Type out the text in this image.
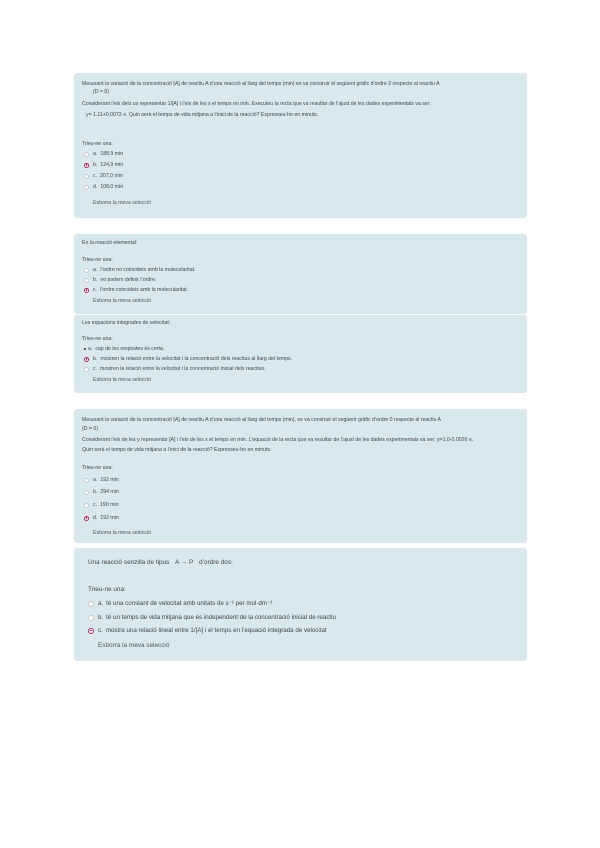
Mesurant la variació de la concentració [A] de reactiu A d’una reacció al llarg del temps (min) es va construir el següent gràfic d’ordre 2 respecte al reactiu A
(D = 0)
Considerant l’eix dels us representar 1/[A] i l’eix de les x el temps en min. Executeu la recta que va resultar de l’ajust de les dades experimentals va ser:
y= 1.11+0.0072·x. Quin serà el temps de vida mitjana a l’inici de la reacció? Expresseu-ho en minuts.
Trieu-ne una:
a. 188,9 min
b. 124,9 min
c. 207,0 min
d. 108,0 min
Esborra la meva selecció
En la reacció elemental:
Trieu-ne una:
a. l’ordre no coincideix amb la molecularitat.
b. no podem definir l’ordre.
c. l’ordre coincideix amb la molecularitat.
Esborra la meva selecció
Les equacions integrades de velocitat:
Trieu-ne una:
a. cap de les respostes és certa.
b. mostren la relació entre la velocitat i la concentració dels reactius al llarg del temps.
c. mostren la relació entre la velocitat i la concentració inicial dels reactius.
Esborra la meva selecció
Mesurant la variació de la concentració [A] de reactiu A d’una reacció al llarg del temps (min), es va construir el següent gràfic d’ordre 0 respecte al reactiu A
(D = 0)
Considerant l’eix de les y representar [A] i l’eix de les x el temps en min. L’equació de la recta que va resultar de l’ajust de les dades experimentals va ser: y=1.0-0.0026·x.
Quin serà el temps de vida mitjana a l’inici de la reacció? Expresseu-ho en minuts.
Trieu-ne una:
a. 192 min
b. 294 min
c. 190 min
d. 192 min
Esborra la meva selecció
Una reacció senzilla de tipus A → P d’ordre dos:
Trieu-ne una:
a. té una constant de velocitat amb unitats de s⁻¹ per mol·dm⁻³
b. té un temps de vida mitjana que és independent de la concentració inicial de reactiu
c. mostra una relació lineal entre 1/[A] i el temps en l’equació integrada de velocitat
Esborra la meva selecció
